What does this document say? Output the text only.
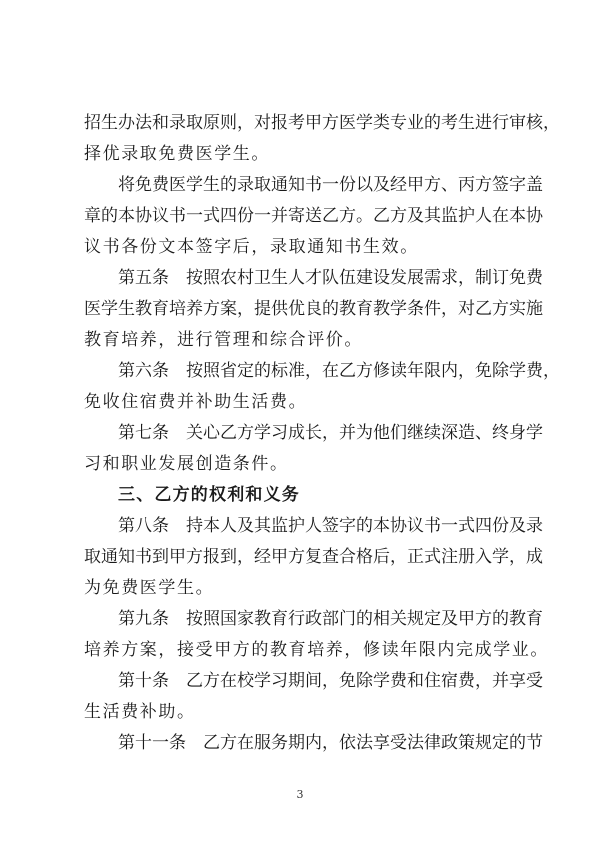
招生办法和录取原则，对报考甲方医学类专业的考生进行审核，
择优录取免费医学生。
将免费医学生的录取通知书一份以及经甲方、丙方签字盖
章的本协议书一式四份一并寄送乙方。乙方及其监护人在本协
议书各份文本签字后，录取通知书生效。
第五条　按照农村卫生人才队伍建设发展需求，制订免费
医学生教育培养方案，提供优良的教育教学条件，对乙方实施
教育培养，进行管理和综合评价。
第六条　按照省定的标准，在乙方修读年限内，免除学费，
免收住宿费并补助生活费。
第七条　关心乙方学习成长，并为他们继续深造、终身学
习和职业发展创造条件。
三、乙方的权利和义务
第八条　持本人及其监护人签字的本协议书一式四份及录
取通知书到甲方报到，经甲方复查合格后，正式注册入学，成
为免费医学生。
第九条　按照国家教育行政部门的相关规定及甲方的教育
培养方案，接受甲方的教育培养，修读年限内完成学业。
第十条　乙方在校学习期间，免除学费和住宿费，并享受
生活费补助。
第十一条　乙方在服务期内，依法享受法律政策规定的节
3
